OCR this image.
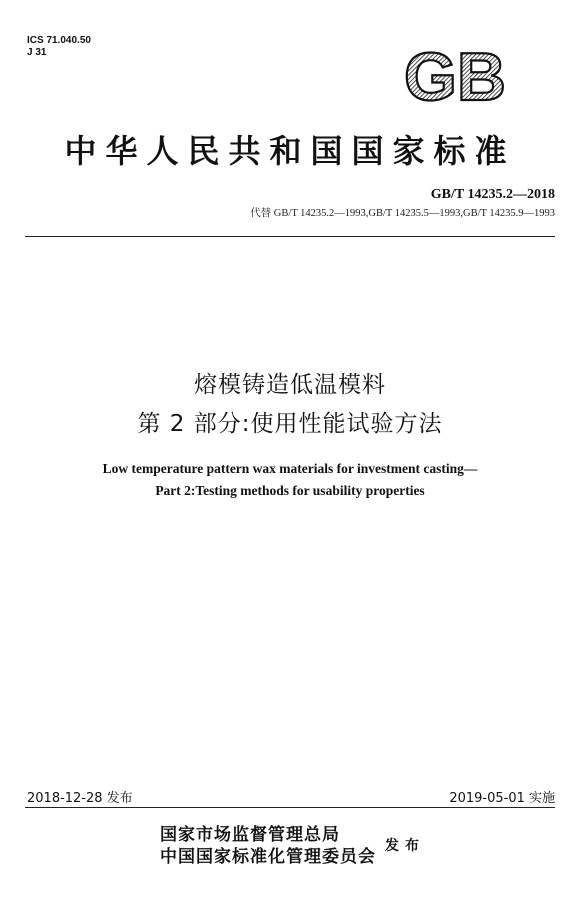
ICS 71.040.50
J 31	GB
中华人民共和国国家标准
GB/T 14235.2—2018
代替 GB/T 14235.2—1993,GB/T 14235.5—1993,GB/T 14235.9—1993
熔模铸造低温模料
第 2 部分:使用性能试验方法
Low temperature pattern wax materials for investment casting—
Part 2:Testing methods for usability properties
2018-12-28 发布	2019-05-01 实施
国家市场监督管理总局
中国国家标准化管理委员会
发布
